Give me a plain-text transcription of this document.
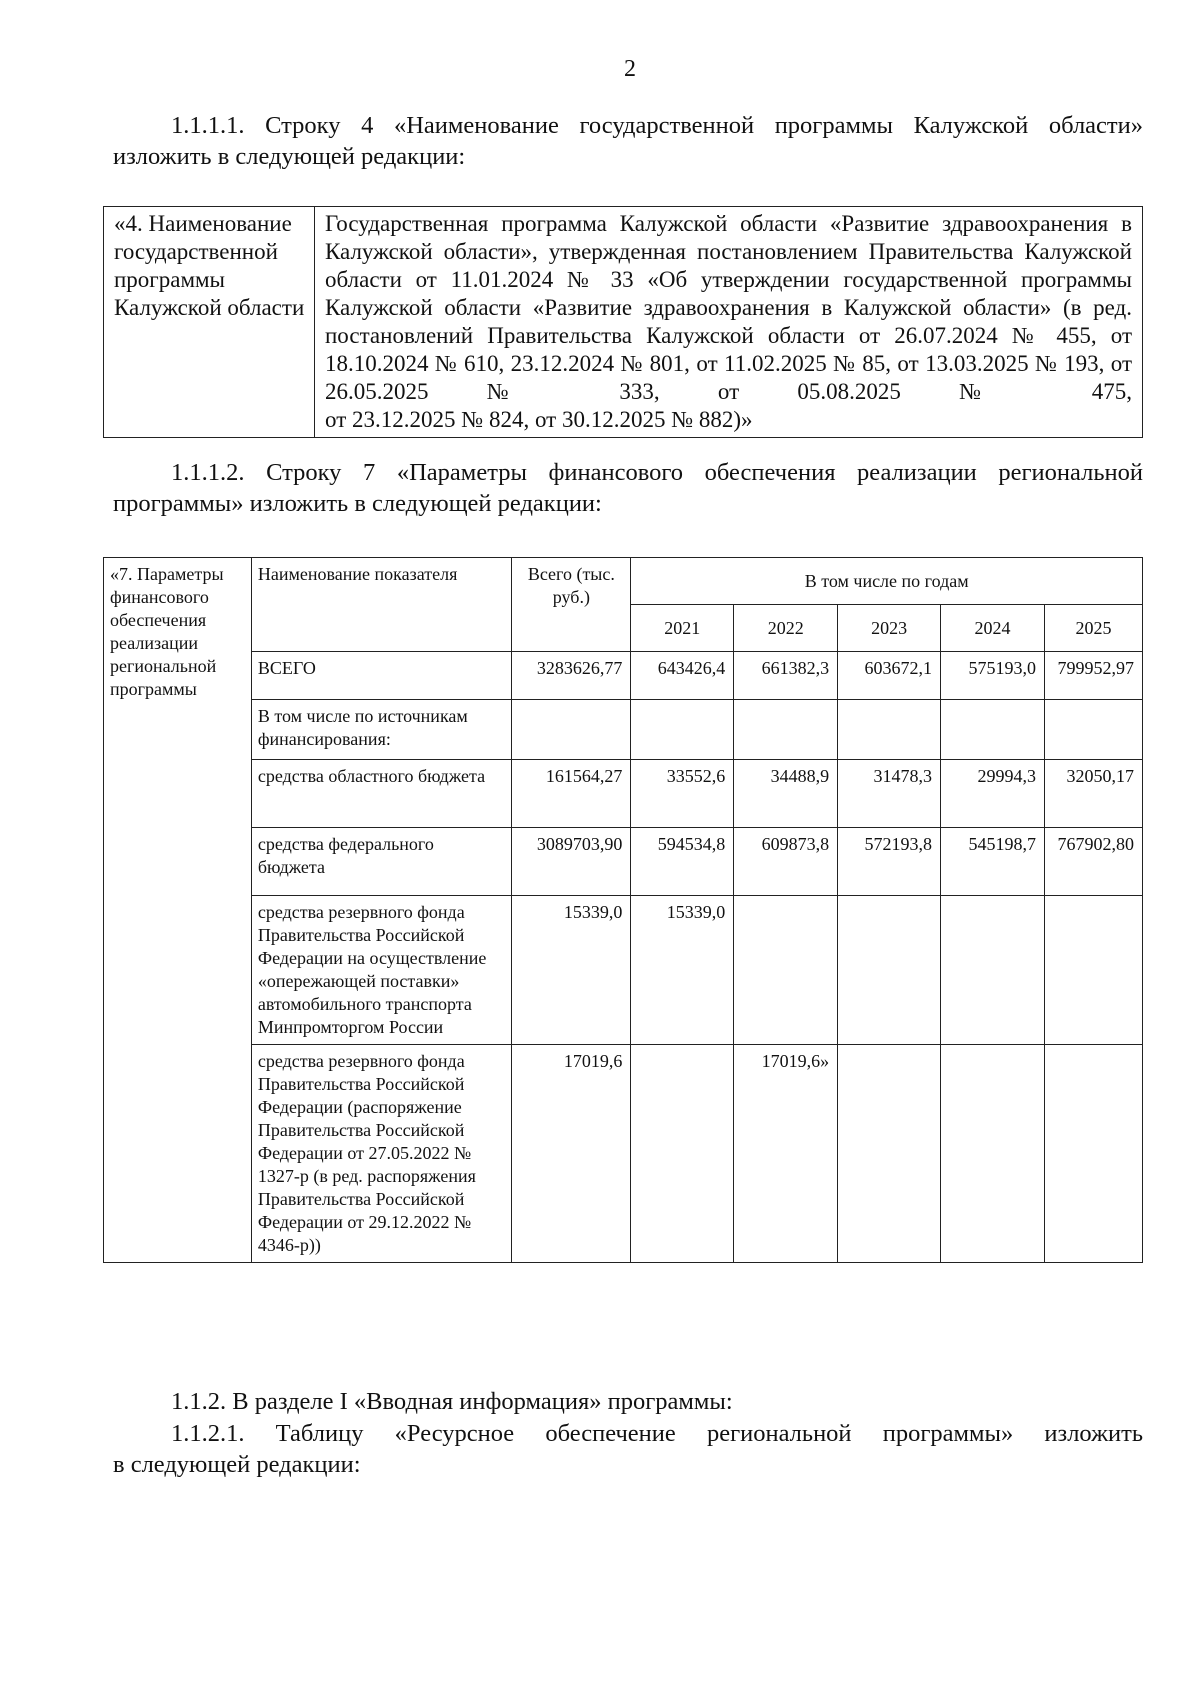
2
1.1.1.1. Строку 4 «Наименование государственной программы Калужской области»
изложить в следующей редакции:
«4. Наименование государственной программы Калужской области	Государственная программа Калужской области «Развитие здравоохранения в Калужской области», утвержденная постановлением Правительства Калужской области от 11.01.2024 № 33 «Об утверждении государственной программы Калужской области «Развитие здравоохранения в Калужской области» (в ред. постановлений Правительства Калужской области от 26.07.2024 № 455, от 18.10.2024 № 610, 23.12.2024 № 801, от 11.02.2025 № 85, от 13.03.2025 № 193, от 26.05.2025 № 333, от 05.08.2025 № 475,
от 23.12.2025 № 824, от 30.12.2025 № 882)»
1.1.1.2. Строку 7 «Параметры финансового обеспечения реализации региональной
программы» изложить в следующей редакции:
«7. Параметры финансового обеспечения реализации региональной программы	Наименование показателя	Всего (тыс. руб.)	В том числе по годам				
			2021	2022	2023	2024	2025
	ВСЕГО	3283626,77	643426,4	661382,3	603672,1	575193,0	799952,97
	В том числе по источникам финансирования:						
	средства областного бюджета	161564,27	33552,6	34488,9	31478,3	29994,3	32050,17
	средства федерального бюджета	3089703,90	594534,8	609873,8	572193,8	545198,7	767902,80
	средства резервного фонда Правительства Российской Федерации на осуществление «опережающей поставки» автомобильного транспорта Минпромторгом России	15339,0	15339,0				
	средства резервного фонда Правительства Российской Федерации (распоряжение Правительства Российской Федерации от 27.05.2022 № 1327-р (в ред. распоряжения Правительства Российской Федерации от 29.12.2022 № 4346-р))	17019,6		17019,6»			
1.1.2. В разделе I «Вводная информация» программы:
1.1.2.1. Таблицу «Ресурсное обеспечение региональной программы» изложить
в следующей редакции:
